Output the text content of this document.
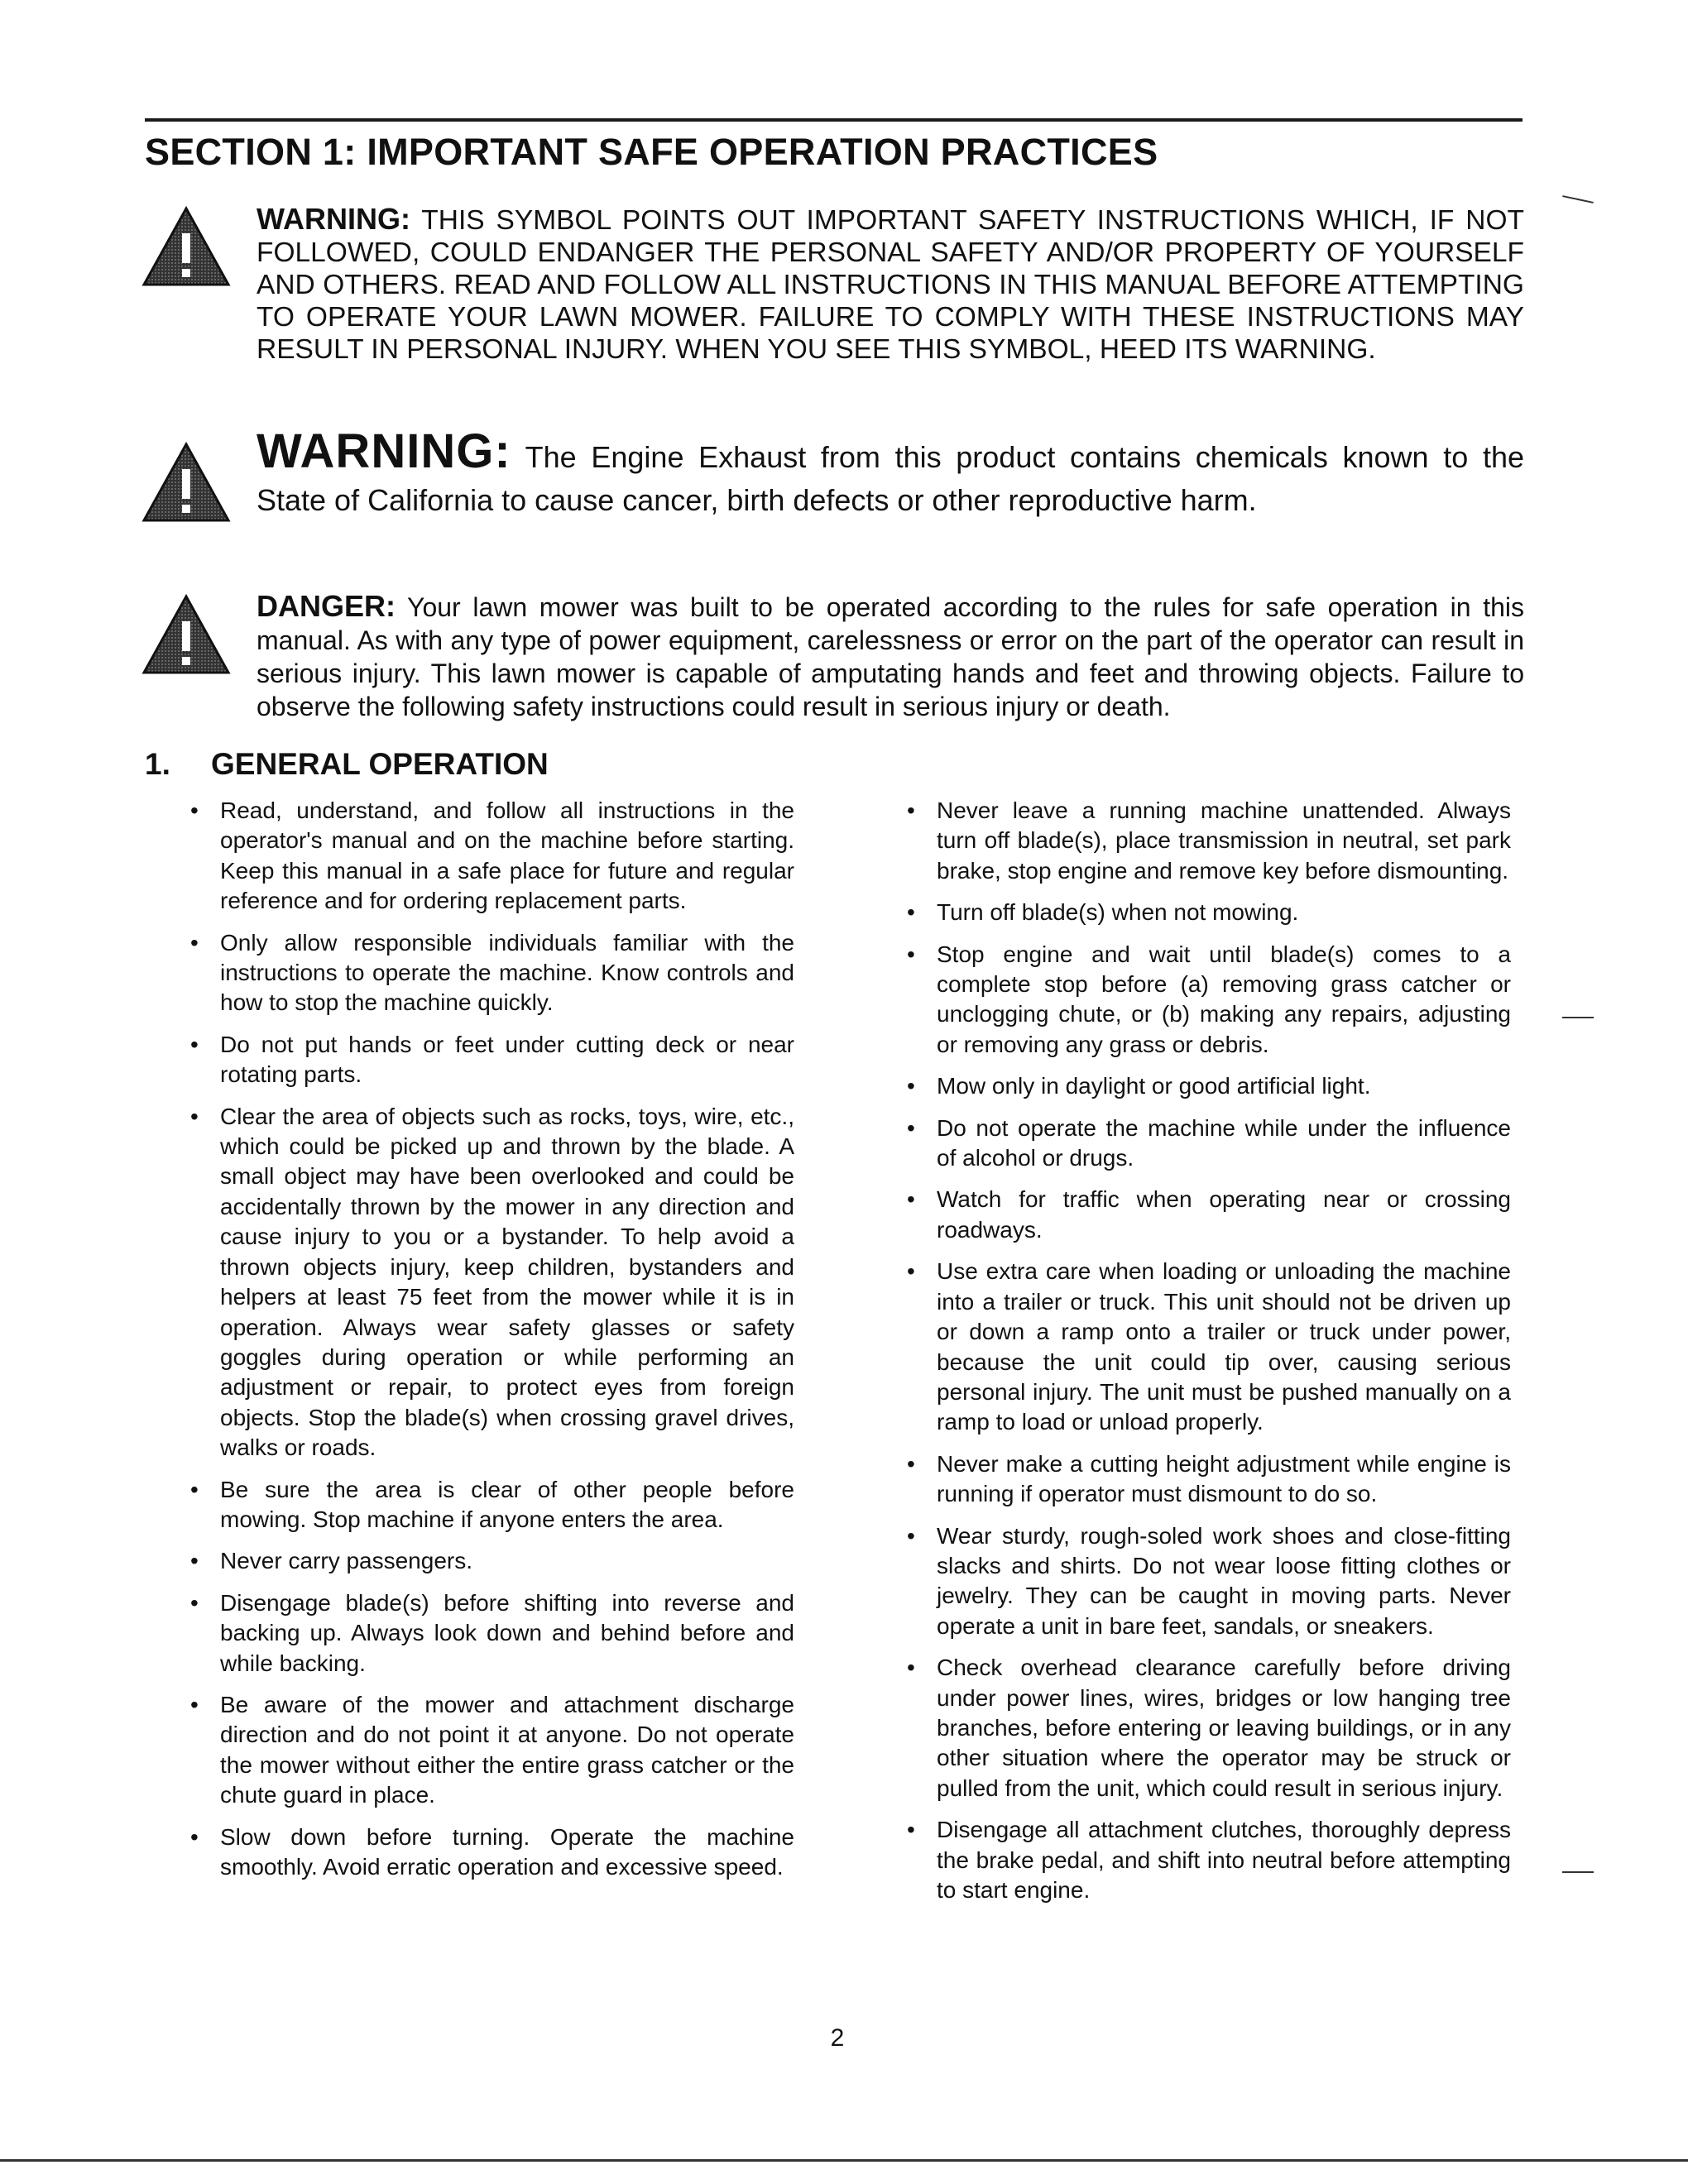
SECTION 1: IMPORTANT SAFE OPERATION PRACTICES
WARNING: THIS SYMBOL POINTS OUT IMPORTANT SAFETY INSTRUCTIONS WHICH, IF NOT FOLLOWED, COULD ENDANGER THE PERSONAL SAFETY AND/OR PROPERTY OF YOURSELF AND OTHERS. READ AND FOLLOW ALL INSTRUCTIONS IN THIS MANUAL BEFORE ATTEMPTING TO OPERATE YOUR LAWN MOWER. FAILURE TO COMPLY WITH THESE INSTRUCTIONS MAY RESULT IN PERSONAL INJURY. WHEN YOU SEE THIS SYMBOL, HEED ITS WARNING.
WARNING: The Engine Exhaust from this product contains chemicals known to the State of California to cause cancer, birth defects or other reproductive harm.
DANGER: Your lawn mower was built to be operated according to the rules for safe operation in this manual. As with any type of power equipment, carelessness or error on the part of the operator can result in serious injury. This lawn mower is capable of amputating hands and feet and throwing objects. Failure to observe the following safety instructions could result in serious injury or death.
1. GENERAL OPERATION
• Read, understand, and follow all instructions in the operator's manual and on the machine before starting. Keep this manual in a safe place for future and regular reference and for ordering replacement parts.
• Only allow responsible individuals familiar with the instructions to operate the machine. Know controls and how to stop the machine quickly.
• Do not put hands or feet under cutting deck or near rotating parts.
• Clear the area of objects such as rocks, toys, wire, etc., which could be picked up and thrown by the blade. A small object may have been overlooked and could be accidentally thrown by the mower in any direction and cause injury to you or a bystander. To help avoid a thrown objects injury, keep children, bystanders and helpers at least 75 feet from the mower while it is in operation. Always wear safety glasses or safety goggles during operation or while performing an adjustment or repair, to protect eyes from foreign objects. Stop the blade(s) when crossing gravel drives, walks or roads.
• Be sure the area is clear of other people before mowing. Stop machine if anyone enters the area.
• Never carry passengers.
• Disengage blade(s) before shifting into reverse and backing up. Always look down and behind before and while backing.
• Be aware of the mower and attachment discharge direction and do not point it at anyone. Do not operate the mower without either the entire grass catcher or the chute guard in place.
• Slow down before turning. Operate the machine smoothly. Avoid erratic operation and excessive speed.
• Never leave a running machine unattended. Always turn off blade(s), place transmission in neutral, set park brake, stop engine and remove key before dismounting.
• Turn off blade(s) when not mowing.
• Stop engine and wait until blade(s) comes to a complete stop before (a) removing grass catcher or unclogging chute, or (b) making any repairs, adjusting or removing any grass or debris.
• Mow only in daylight or good artificial light.
• Do not operate the machine while under the influence of alcohol or drugs.
• Watch for traffic when operating near or crossing roadways.
• Use extra care when loading or unloading the machine into a trailer or truck. This unit should not be driven up or down a ramp onto a trailer or truck under power, because the unit could tip over, causing serious personal injury. The unit must be pushed manually on a ramp to load or unload properly.
• Never make a cutting height adjustment while engine is running if operator must dismount to do so.
• Wear sturdy, rough-soled work shoes and close-fitting slacks and shirts. Do not wear loose fitting clothes or jewelry. They can be caught in moving parts. Never operate a unit in bare feet, sandals, or sneakers.
• Check overhead clearance carefully before driving under power lines, wires, bridges or low hanging tree branches, before entering or leaving buildings, or in any other situation where the operator may be struck or pulled from the unit, which could result in serious injury.
• Disengage all attachment clutches, thoroughly depress the brake pedal, and shift into neutral before attempting to start engine.
2
